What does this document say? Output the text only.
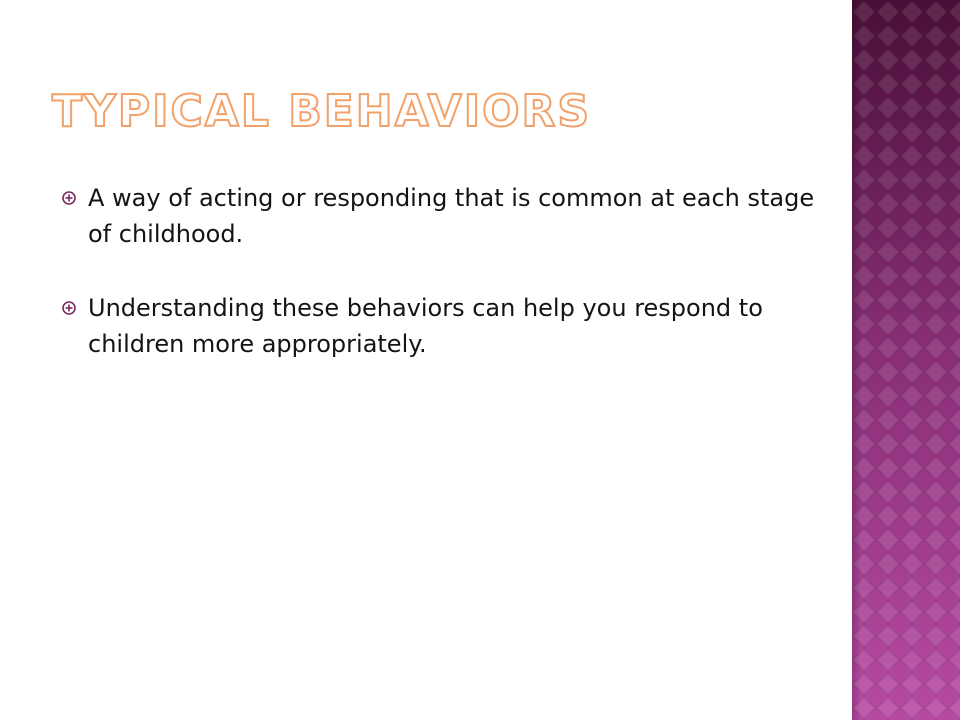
TYPICAL BEHAVIORS
A way of acting or responding that is common at each stage of childhood.
Understanding these behaviors can help you respond to children more appropriately.
